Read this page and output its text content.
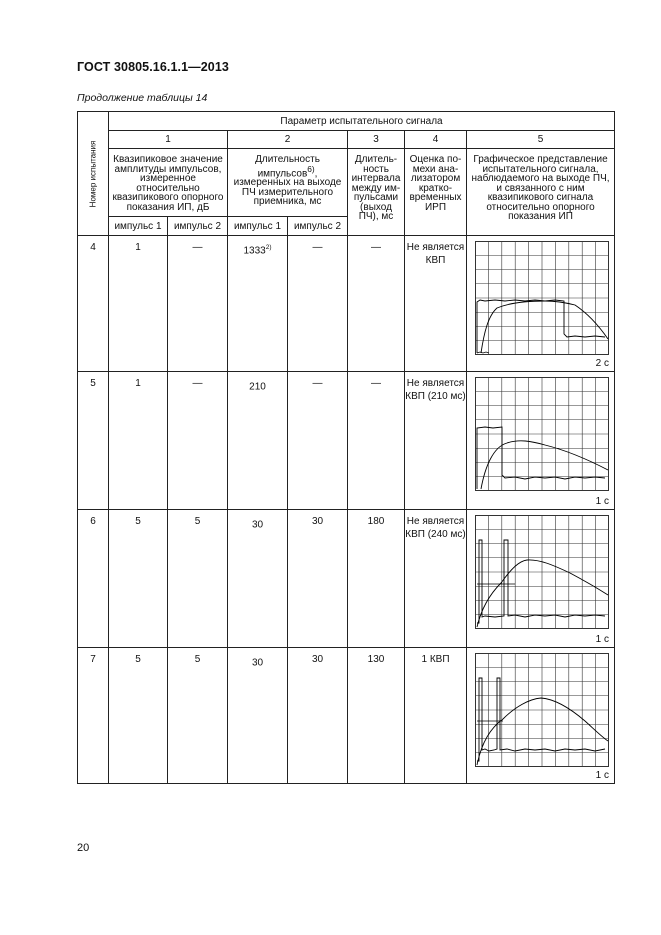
ГОСТ 30805.16.1.1—2013
Продолжение таблицы 14
Номер испытания	Параметр испытательного сигнала						
	1		2		3	4	5
	Квазипиковое значение амплитуды импульсов, измеренное относительно квазипикового опорного показания ИП, дБ		Длительность импульсов$^{6)}$, измеренных на выходе ПЧ измерительного приемника, мс		Длительность интервала между импульсами (выход ПЧ), мс	Оценка помехи анализатором кратковременных ИРП	Графическое представление испытательного сигнала, наблюдаемого на выходе ПЧ, и связанного с ним квазипикового сигнала относительно опорного показания ИП
	импульс 1	импульс 2	импульс 1	импульс 2			
4	1	—	1333$^{2)}$	—	—	Не является КВП	2 с

5	1	—	210	—	—	Не является КВП (210 мс)	1 с

6	5	5	30	30	180	Не является КВП (240 мс)	1 с

7	5	5	30	30	130	1 КВП	1 с
20
